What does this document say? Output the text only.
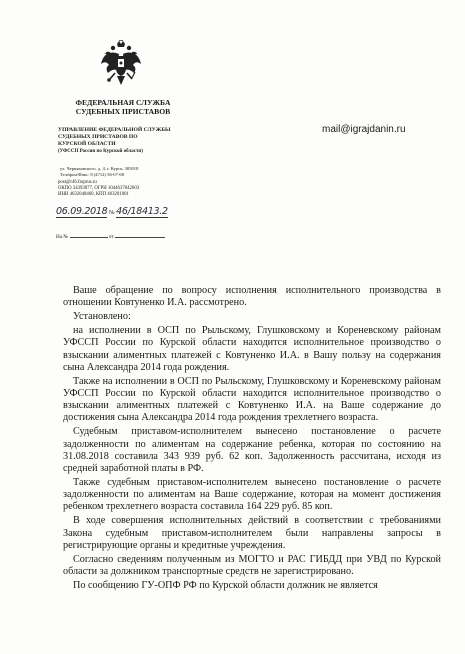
ФЕДЕРАЛЬНАЯ СЛУЖБА
СУДЕБНЫХ ПРИСТАВОВ
УПРАВЛЕНИЕ ФЕДЕРАЛЬНОЙ СЛУЖБЫ
СУДЕБНЫХ ПРИСТАВОВ ПО
КУРСКОЙ ОБЛАСТИ
(УФССП России по Курской области)
ул. Черняховского, д. 4, г. Курск, 305018
Телефон/Факс: 8 (4712) 36-07-68
post@r46.fssprus.ru
ОКПО 34393877, ОГРН 1044637042603
ИНН 4632048460, КПП 463201001
06.09.2018 № 46/18413.2
На №	от
mail@igrajdanin.ru

Ваше обращение по вопросу исполнения исполнительного производства в отношении Ковтуненко И.А. рассмотрено.

Установлено:

на исполнении в ОСП по Рыльскому, Глушковскому и Кореневскому районам УФССП России по Курской области находится исполнительное производство о взыскании алиментных платежей с Ковтуненко И.А. в Вашу пользу на содержания сына Александра 2014 года рождения.

Также на исполнении в ОСП по Рыльскому, Глушковскому и Кореневскому районам УФССП России по Курской области находится исполнительное производство о взыскании алиментных платежей с Ковтуненко И.А. на Ваше содержание до достижения сына Александра 2014 года рождения трехлетнего возраста.

Судебным приставом-исполнителем вынесено постановление о расчете задолженности по алиментам на содержание ребенка, которая по состоянию на 31.08.2018 составила 343 939 руб. 62 коп. Задолженность рассчитана, исходя из средней заработной платы в РФ.

Также судебным приставом-исполнителем вынесено постановление о расчете задолженности по алиментам на Ваше содержание, которая на момент достижения ребенком трехлетнего возраста составила 164 229 руб. 85 коп.

В ходе совершения исполнительных действий в соответствии с требованиями Закона судебным приставом-исполнителем были направлены запросы в регистрирующие органы и кредитные учреждения.

Согласно сведениям полученным из МОГТО и РАС ГИБДД при УВД по Курской области за должником транспортные средств не зарегистрировано.

По сообщению ГУ-ОПФ РФ по Курской области должник не является
